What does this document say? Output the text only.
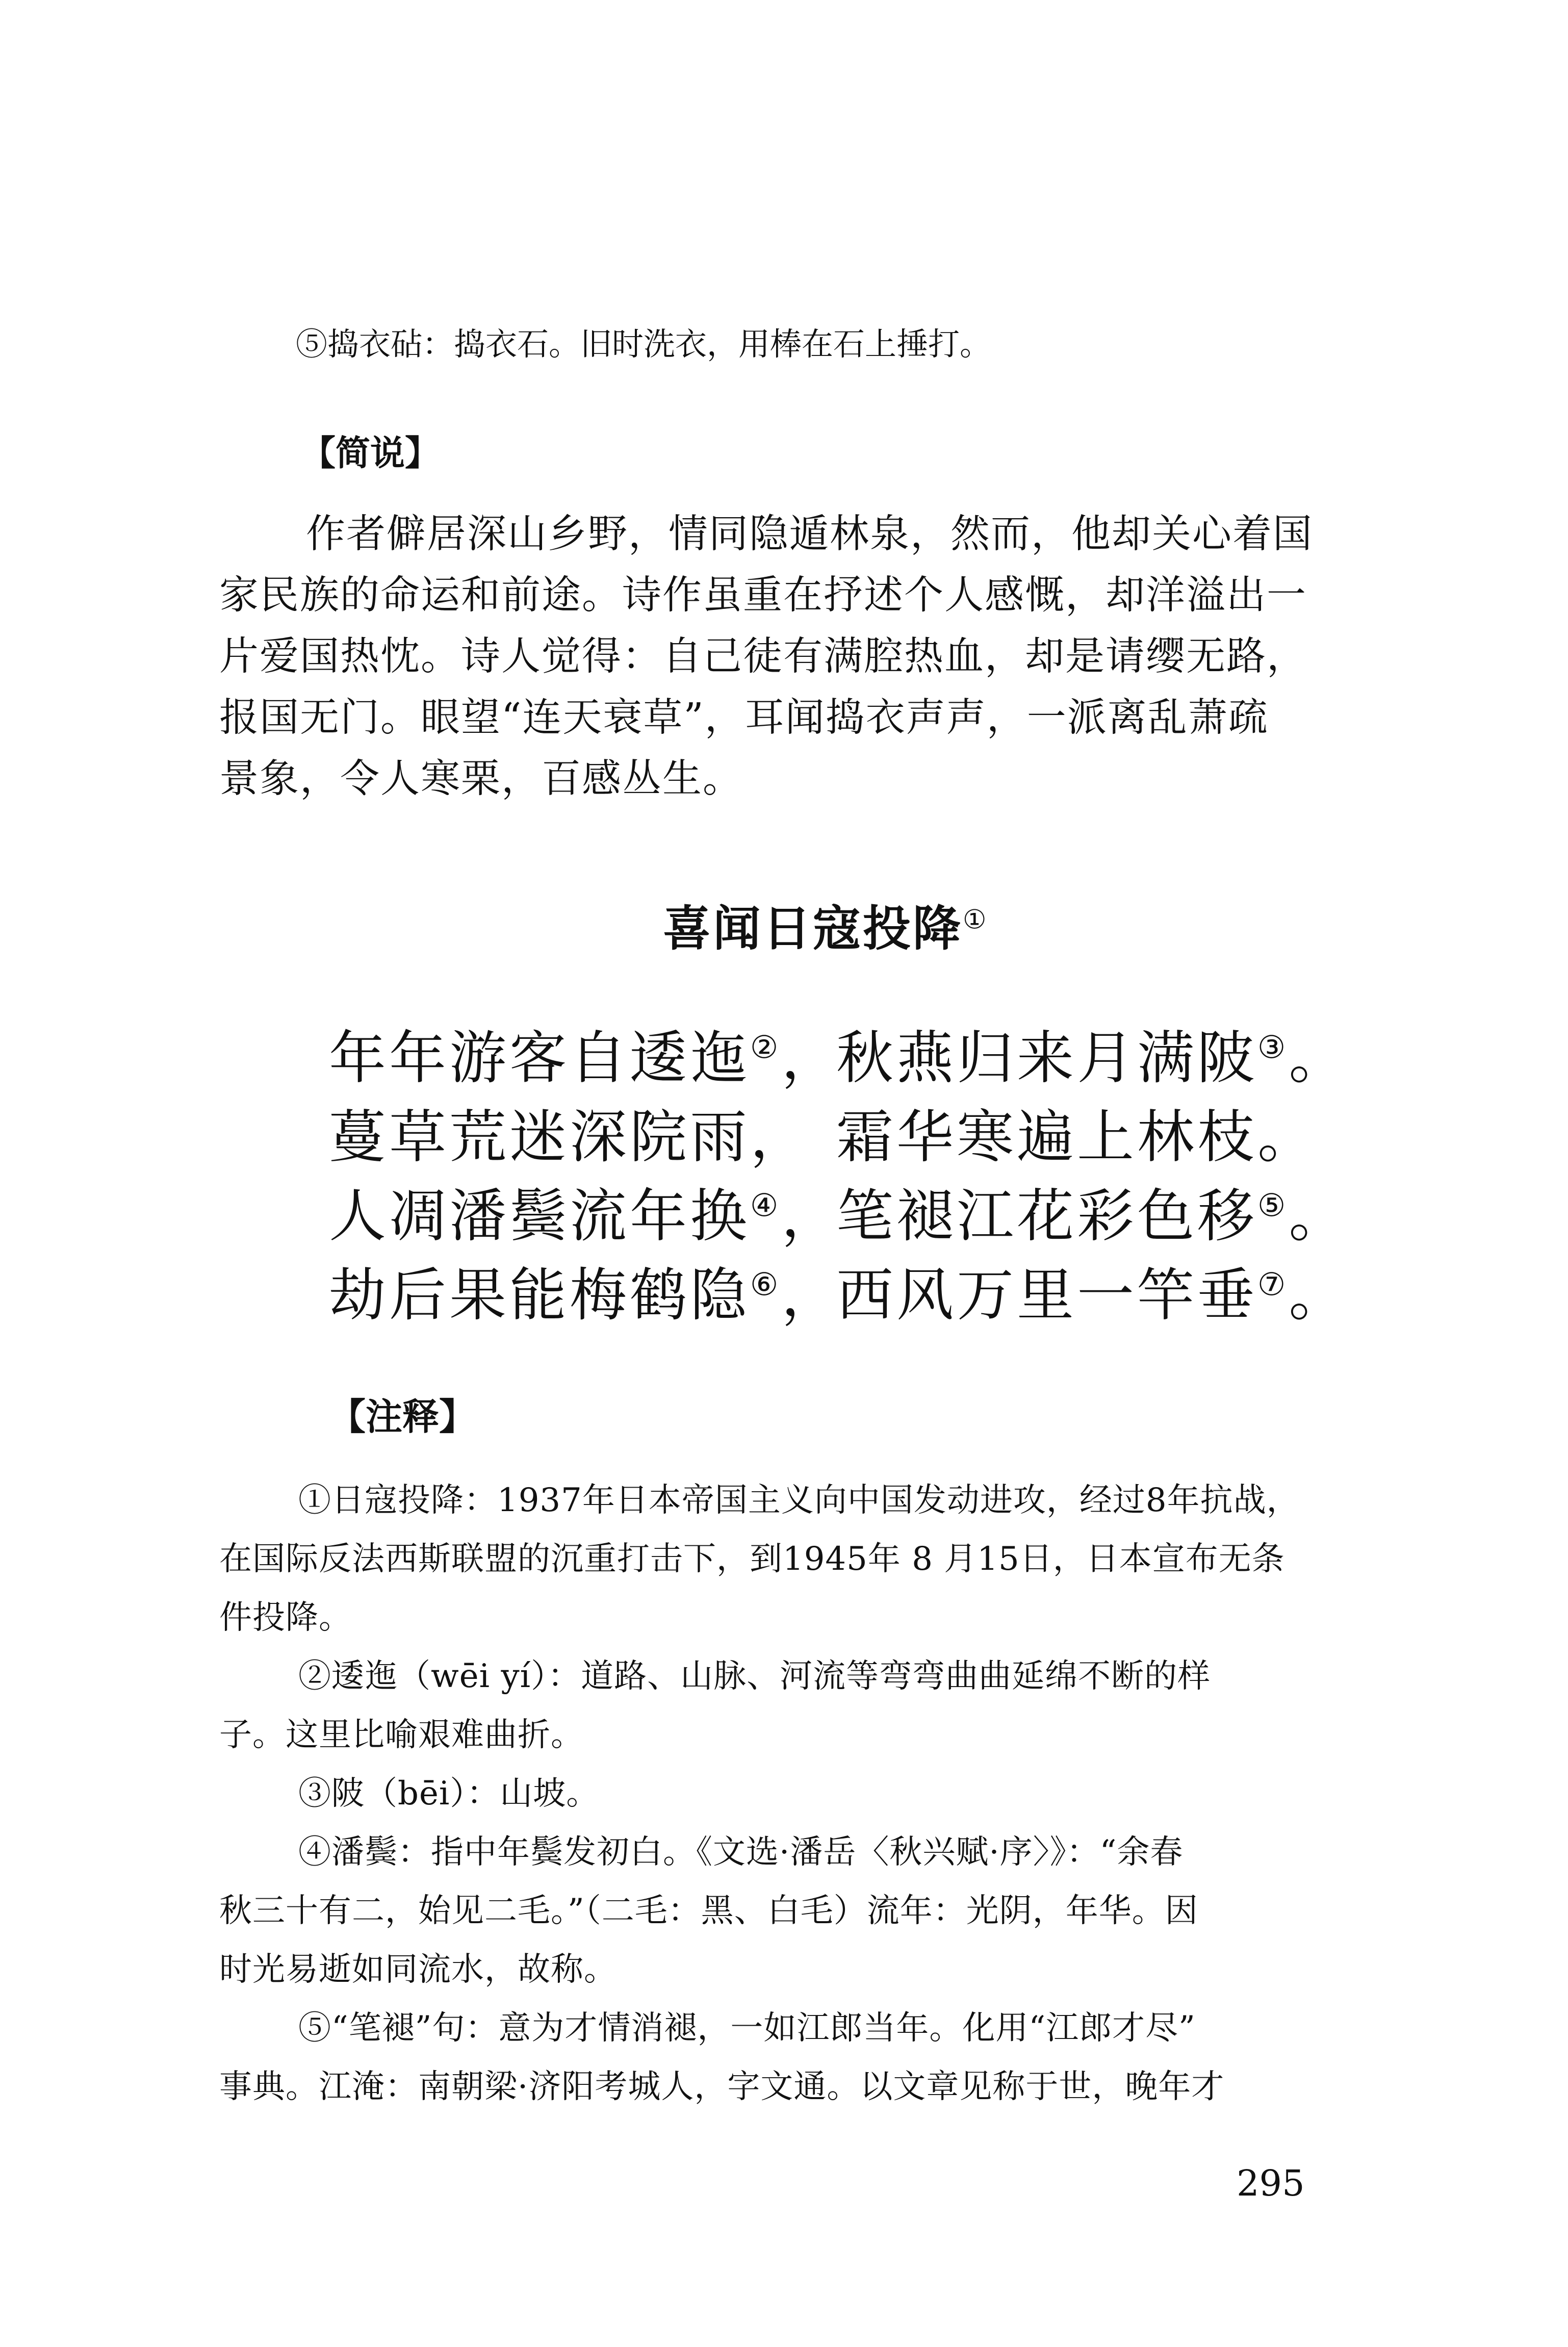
⑤捣衣砧：捣衣石。旧时洗衣，用棒在石上捶打。
【简说】
作者僻居深山乡野，情同隐遁林泉，然而，他却关心着国
家民族的命运和前途。诗作虽重在抒述个人感慨，却洋溢出一
片爱国热忱。诗人觉得：自己徒有满腔热血，却是请缨无路，
报国无门。眼望“连天衰草”，耳闻捣衣声声，一派离乱萧疏
景象，令人寒栗，百感丛生。
喜闻日寇投降①
年年游客自逶迤②，
秋燕归来月满陂③。
蔓草荒迷深院雨， 霜华寒遍上林枝。
人凋潘鬓流年换④，
笔褪江花彩色移⑤。
劫后果能梅鹤隐⑥，
西风万里一竿垂⑦。
【注释】
①日寇投降：1937年日本帝国主义向中国发动进攻，经过8年抗战，
在国际反法西斯联盟的沉重打击下，到1945年 8 月15日，日本宣布无条
件投降。
②逶迤（wēi yí）：道路、山脉、河流等弯弯曲曲延绵不断的样
子。这里比喻艰难曲折。
③陂（bēi）：山坡。
④潘鬓：指中年鬓发初白。《文选·潘岳〈秋兴赋·序〉》：“余春
秋三十有二，始见二毛。”（二毛：黑、白毛）流年：光阴，年华。因
时光易逝如同流水，故称。
⑤“笔褪”句：意为才情消褪，一如江郎当年。化用“江郎才尽”
事典。江淹：南朝梁·济阳考城人，字文通。以文章见称于世，晚年才
295
